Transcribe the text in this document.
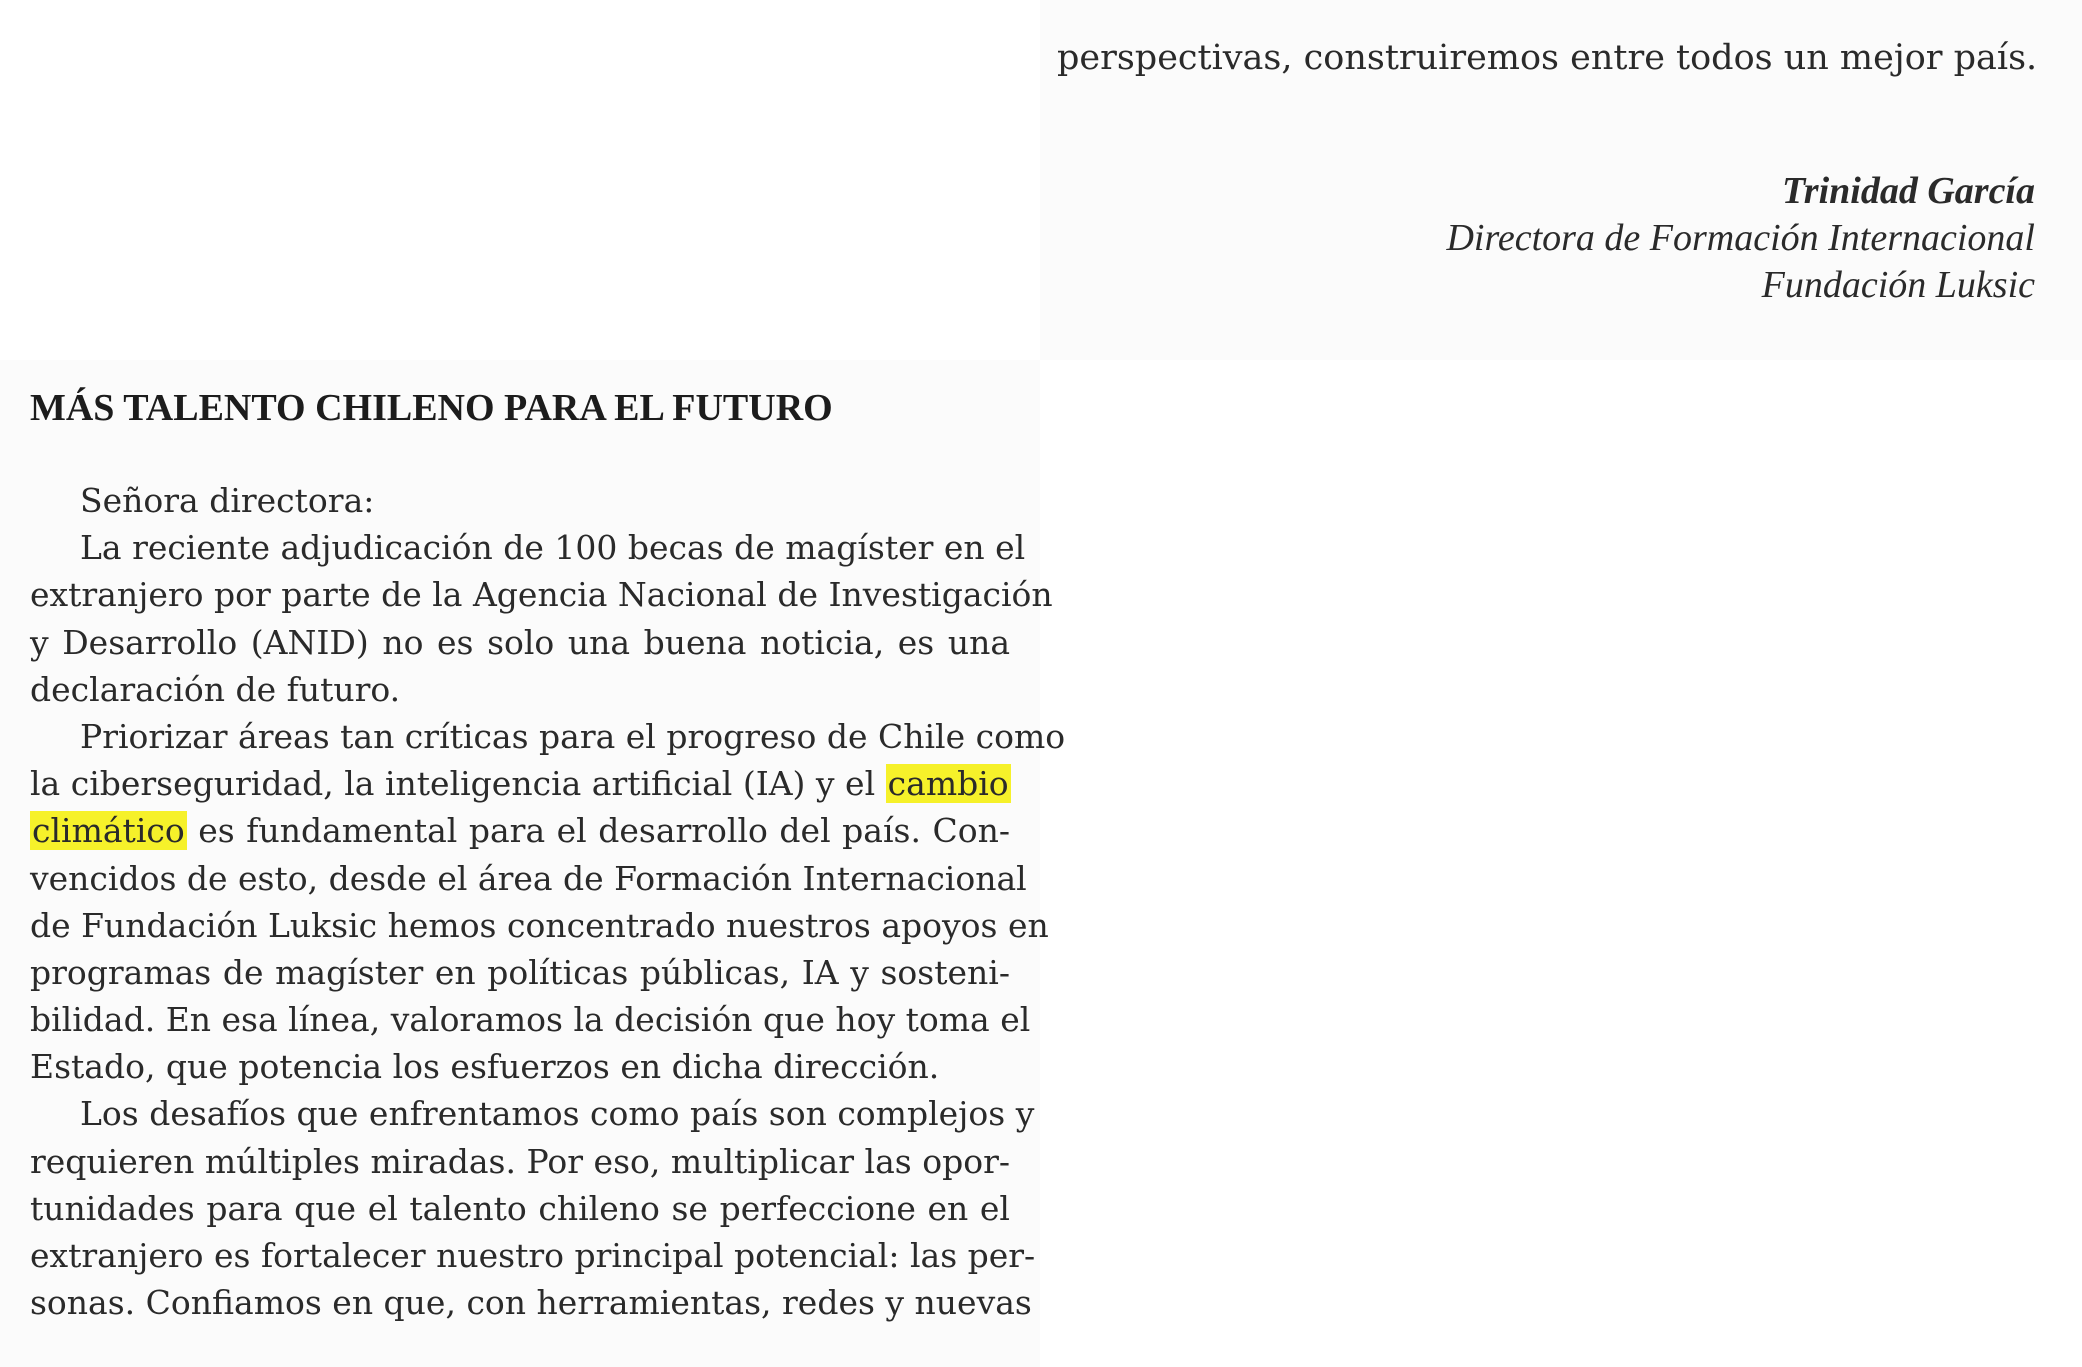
perspectivas, construiremos entre todos un mejor país.

Trinidad García
Directora de Formación Internacional
Fundación Luksic
MÁS TALENTO CHILENO PARA EL FUTURO
Señora directora:
La reciente adjudicación de 100 becas de magíster en el
extranjero por parte de la Agencia Nacional de Investigación
y Desarrollo (ANID) no es solo una buena noticia, es una
declaración de futuro.
Priorizar áreas tan críticas para el progreso de Chile como
la ciberseguridad, la inteligencia artificial (IA) y el cambio
climático es fundamental para el desarrollo del país. Con-
vencidos de esto, desde el área de Formación Internacional
de Fundación Luksic hemos concentrado nuestros apoyos en
programas de magíster en políticas públicas, IA y sosteni-
bilidad. En esa línea, valoramos la decisión que hoy toma el
Estado, que potencia los esfuerzos en dicha dirección.
Los desafíos que enfrentamos como país son complejos y
requieren múltiples miradas. Por eso, multiplicar las opor-
tunidades para que el talento chileno se perfeccione en el
extranjero es fortalecer nuestro principal potencial: las per-
sonas. Confiamos en que, con herramientas, redes y nuevas
